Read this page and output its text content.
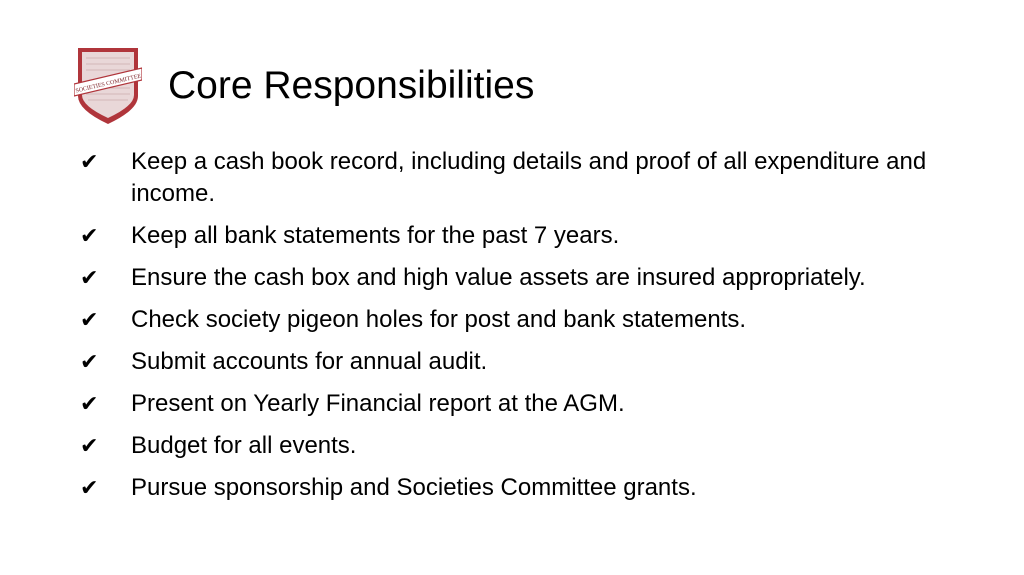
SOCIETIES COMMITTEE Core Responsibilities
✔ Keep a cash book record, including details and proof of all expenditure and income.
✔ Keep all bank statements for the past 7 years.
✔ Ensure the cash box and high value assets are insured appropriately.
✔ Check society pigeon holes for post and bank statements.
✔ Submit accounts for annual audit.
✔ Present on Yearly Financial report at the AGM.
✔ Budget for all events.
✔ Pursue sponsorship and Societies Committee grants.
